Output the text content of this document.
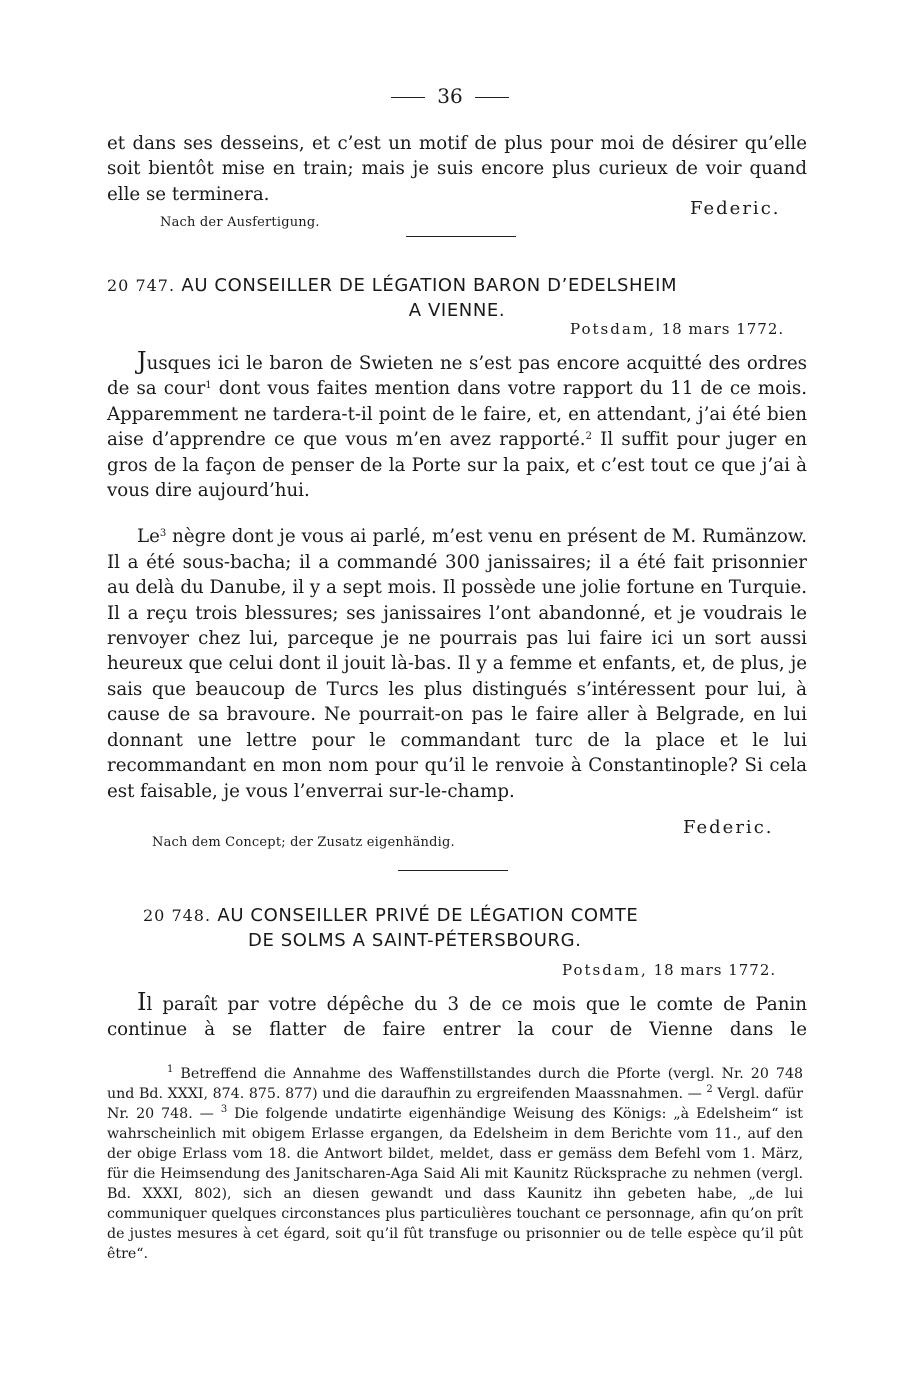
36

et dans ses desseins, et c’est un motif de plus pour moi de désirer qu’elle soit bientôt mise en train; mais je suis encore plus curieux de voir quand elle se terminera.

Nach der Ausfertigung.
Federic.
20 747. AU CONSEILLER DE LÉGATION BARON D’EDELSHEIM
A VIENNE.
Potsdam, 18 mars 1772.

Jusques ici le baron de Swieten ne s’est pas encore acquitté des ordres de sa cour$^1$ dont vous faites mention dans votre rapport du 11 de ce mois. Apparemment ne tardera-t-il point de le faire, et, en attendant, j’ai été bien aise d’apprendre ce que vous m’en avez rapporté.$^2$ Il suffit pour juger en gros de la façon de penser de la Porte sur la paix, et c’est tout ce que j’ai à vous dire aujourd’hui.

Le$^3$ nègre dont je vous ai parlé, m’est venu en présent de M. Rumänzow. Il a été sous-bacha; il a commandé 300 janissaires; il a été fait prisonnier au delà du Danube, il y a sept mois. Il possède une jolie fortune en Turquie. Il a reçu trois blessures; ses janissaires l’ont abandonné, et je voudrais le renvoyer chez lui, parceque je ne pourrais pas lui faire ici un sort aussi heureux que celui dont il jouit là-bas. Il y a femme et enfants, et, de plus, je sais que beaucoup de Turcs les plus distingués s’intéressent pour lui, à cause de sa bravoure. Ne pourrait-on pas le faire aller à Belgrade, en lui donnant une lettre pour le commandant turc de la place et le lui recommandant en mon nom pour qu’il le renvoie à Constantinople? Si cela est faisable, je vous l’enverrai sur-le-champ.

Nach dem Concept; der Zusatz eigenhändig.
Federic.
20 748. AU CONSEILLER PRIVÉ DE LÉGATION COMTE
DE SOLMS A SAINT-PÉTERSBOURG.
Potsdam, 18 mars 1772.

Il paraît par votre dépêche du 3 de ce mois que le comte de Panin continue à se flatter de faire entrer la cour de Vienne dans le

$^1$ Betreffend die Annahme des Waffenstillstandes durch die Pforte (vergl. Nr. 20 748 und Bd. XXXI, 874. 875. 877) und die daraufhin zu ergreifenden Maassnahmen. — $^2$ Vergl. dafür Nr. 20 748. — $^3$ Die folgende undatirte eigenhändige Weisung des Königs: „à Edelsheim“ ist wahrscheinlich mit obigem Erlasse ergangen, da Edelsheim in dem Berichte vom 11., auf den der obige Erlass vom 18. die Antwort bildet, meldet, dass er gemäss dem Befehl vom 1. März, für die Heimsendung des Janitscharen-Aga Said Ali mit Kaunitz Rücksprache zu nehmen (vergl. Bd. XXXI, 802), sich an diesen gewandt und dass Kaunitz ihn gebeten habe, „de lui communiquer quelques circonstances plus particulières touchant ce personnage, afin qu’on prît de justes mesures à cet égard, soit qu’il fût transfuge ou prisonnier ou de telle espèce qu’il pût être“.
